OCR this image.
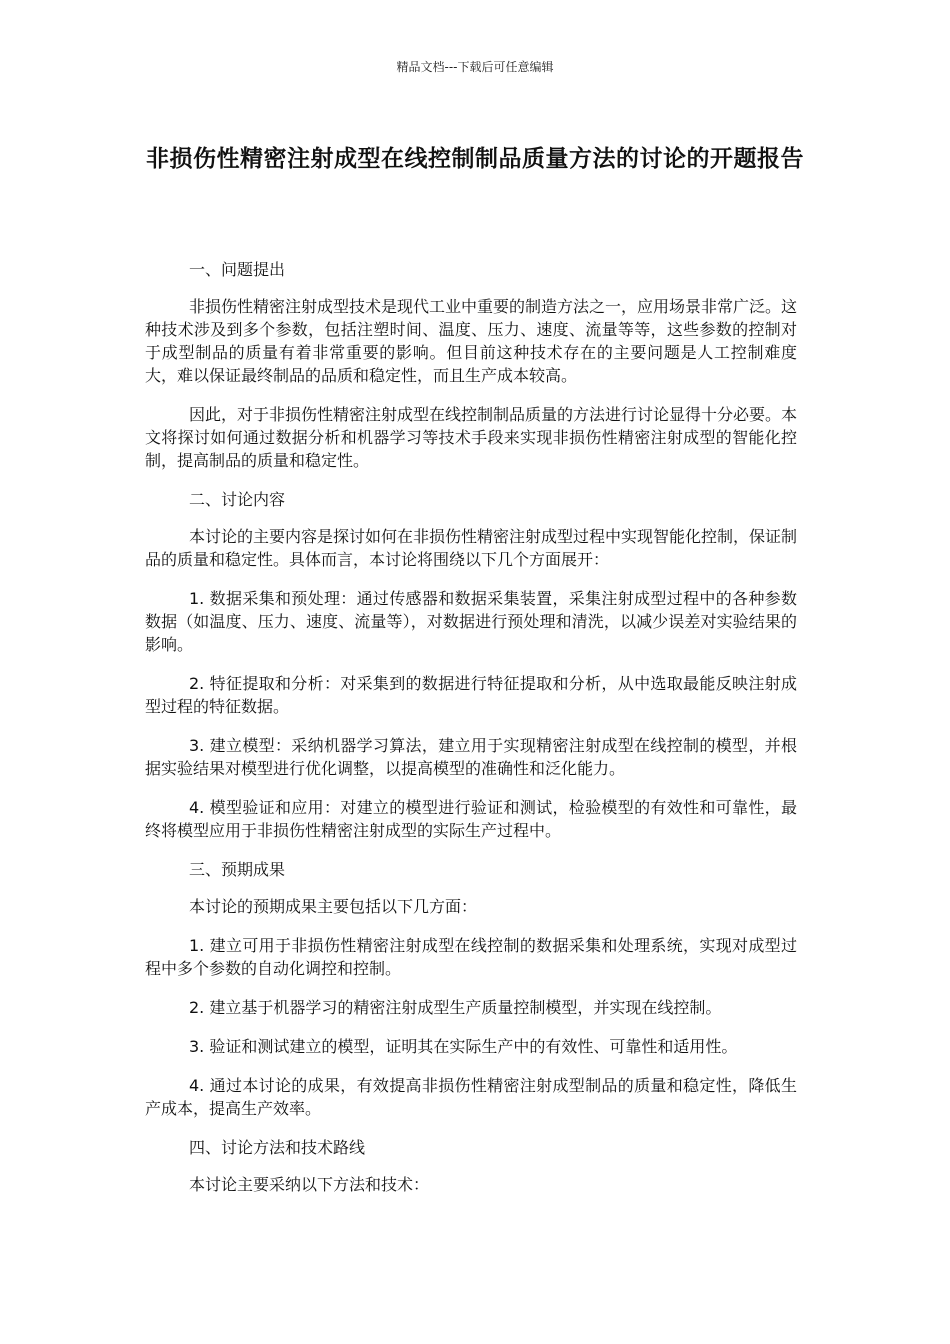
精品文档---下载后可任意编辑
非损伤性精密注射成型在线控制制品质量方法的讨论的开题报告

一、问题提出

非损伤性精密注射成型技术是现代工业中重要的制造方法之一，应用场景非常广泛。这种技术涉及到多个参数，包括注塑时间、温度、压力、速度、流量等等，这些参数的控制对于成型制品的质量有着非常重要的影响。但目前这种技术存在的主要问题是人工控制难度大，难以保证最终制品的品质和稳定性，而且生产成本较高。

因此，对于非损伤性精密注射成型在线控制制品质量的方法进行讨论显得十分必要。本文将探讨如何通过数据分析和机器学习等技术手段来实现非损伤性精密注射成型的智能化控制，提高制品的质量和稳定性。

二、讨论内容

本讨论的主要内容是探讨如何在非损伤性精密注射成型过程中实现智能化控制，保证制品的质量和稳定性。具体而言，本讨论将围绕以下几个方面展开：

1. 数据采集和预处理：通过传感器和数据采集装置，采集注射成型过程中的各种参数数据（如温度、压力、速度、流量等），对数据进行预处理和清洗，以减少误差对实验结果的影响。

2. 特征提取和分析：对采集到的数据进行特征提取和分析，从中选取最能反映注射成型过程的特征数据。

3. 建立模型：采纳机器学习算法，建立用于实现精密注射成型在线控制的模型，并根据实验结果对模型进行优化调整，以提高模型的准确性和泛化能力。

4. 模型验证和应用：对建立的模型进行验证和测试，检验模型的有效性和可靠性，最终将模型应用于非损伤性精密注射成型的实际生产过程中。

三、预期成果

本讨论的预期成果主要包括以下几方面：

1. 建立可用于非损伤性精密注射成型在线控制的数据采集和处理系统，实现对成型过程中多个参数的自动化调控和控制。

2. 建立基于机器学习的精密注射成型生产质量控制模型，并实现在线控制。

3. 验证和测试建立的模型，证明其在实际生产中的有效性、可靠性和适用性。

4. 通过本讨论的成果，有效提高非损伤性精密注射成型制品的质量和稳定性，降低生产成本，提高生产效率。

四、讨论方法和技术路线

本讨论主要采纳以下方法和技术：
